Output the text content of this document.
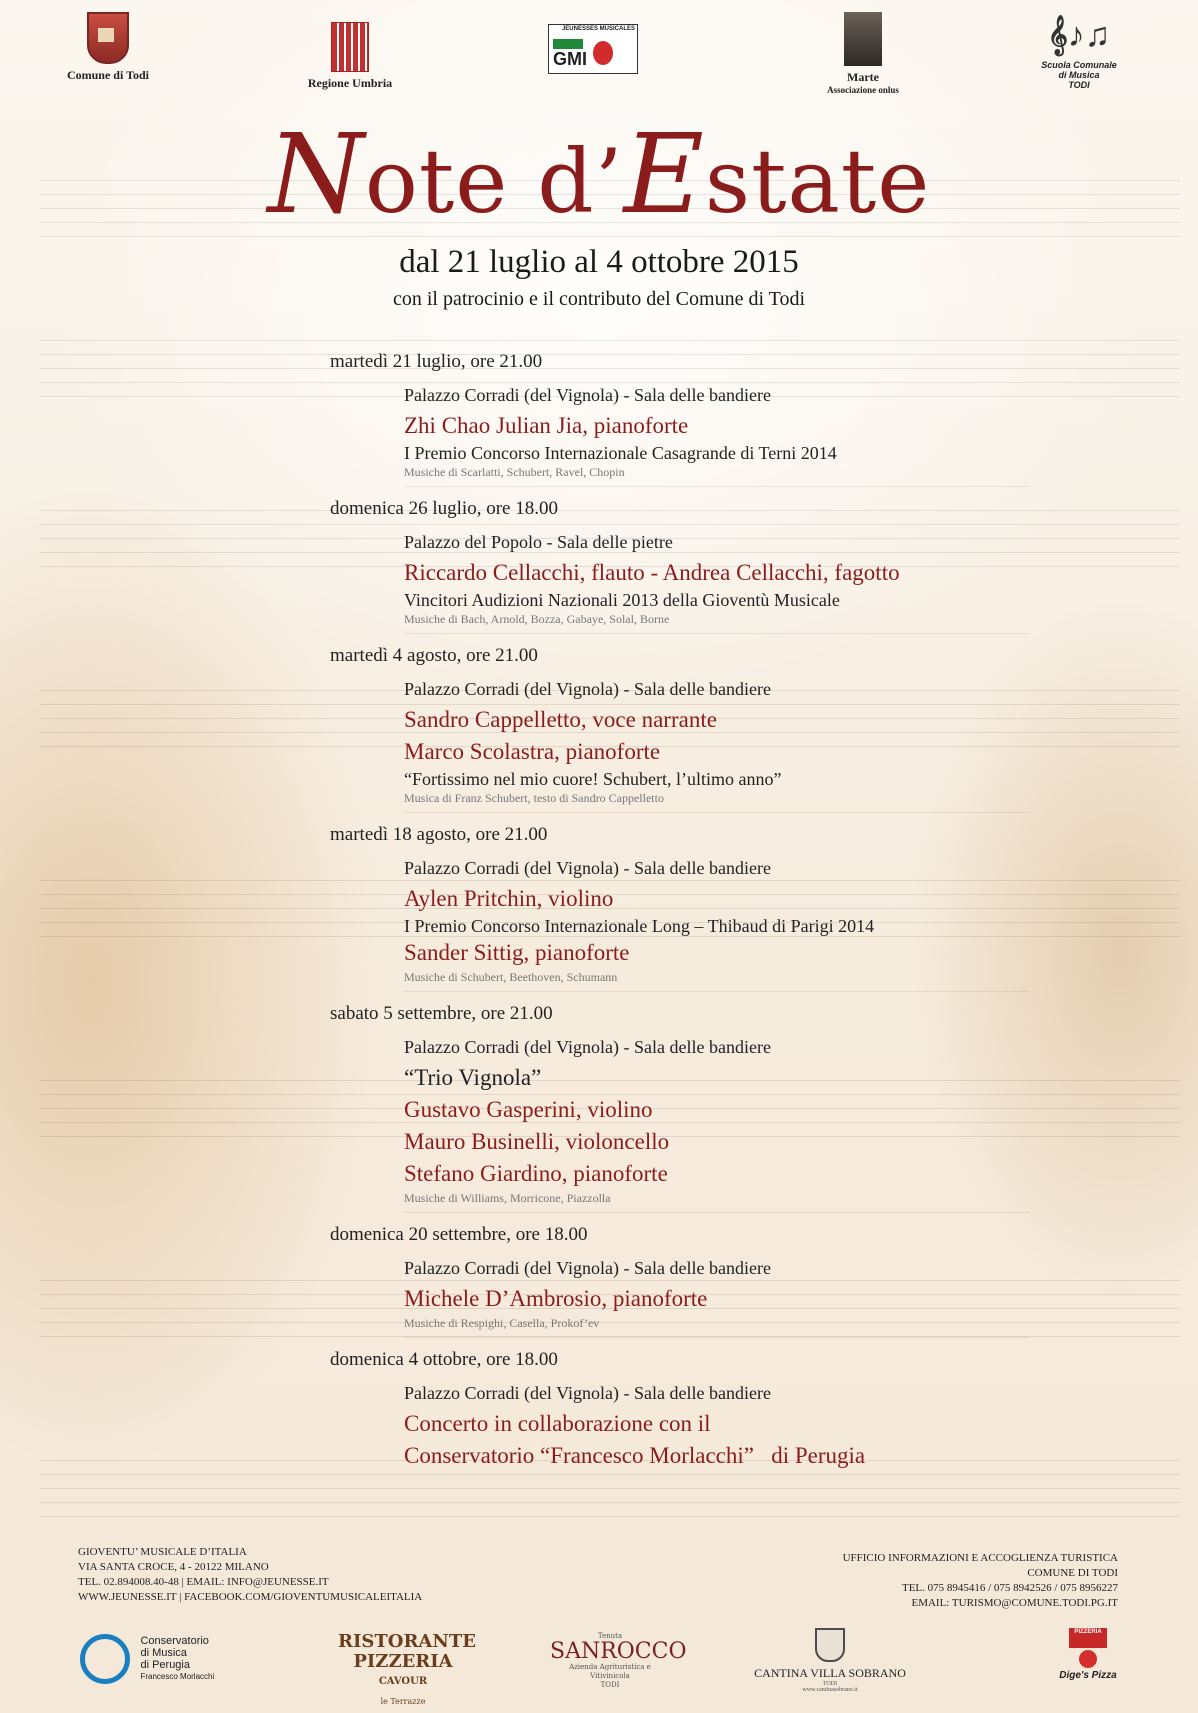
Comune di Todi
Regione Umbria
JEUNESSES MUSICALES
GMI
Marte
Associazione onlus
𝄞♪♫
Scuola Comunale
di Musica
TODI
Note d’Estate
dal 21 luglio al 4 ottobre 2015
con il patrocinio e il contributo del Comune di Todi
martedì 21 luglio, ore 21.00
Palazzo Corradi (del Vignola) - Sala delle bandiere
Zhi Chao Julian Jia, pianoforte
I Premio Concorso Internazionale Casagrande di Terni 2014
Musiche di Scarlatti, Schubert, Ravel, Chopin
domenica 26 luglio, ore 18.00
Palazzo del Popolo - Sala delle pietre
Riccardo Cellacchi, flauto - Andrea Cellacchi, fagotto
Vincitori Audizioni Nazionali 2013 della Gioventù Musicale
Musiche di Bach, Arnold, Bozza, Gabaye, Solal, Borne
martedì 4 agosto, ore 21.00
Palazzo Corradi (del Vignola) - Sala delle bandiere
Sandro Cappelletto, voce narrante
Marco Scolastra, pianoforte
“Fortissimo nel mio cuore! Schubert, l’ultimo anno”
Musica di Franz Schubert, testo di Sandro Cappelletto
martedì 18 agosto, ore 21.00
Palazzo Corradi (del Vignola) - Sala delle bandiere
Aylen Pritchin, violino
I Premio Concorso Internazionale Long – Thibaud di Parigi 2014
Sander Sittig, pianoforte
Musiche di Schubert, Beethoven, Schumann
sabato 5 settembre, ore 21.00
Palazzo Corradi (del Vignola) - Sala delle bandiere
“Trio Vignola”
Gustavo Gasperini, violino
Mauro Businelli, violoncello
Stefano Giardino, pianoforte
Musiche di Williams, Morricone, Piazzolla
domenica 20 settembre, ore 18.00
Palazzo Corradi (del Vignola) - Sala delle bandiere
Michele D’Ambrosio, pianoforte
Musiche di Respighi, Casella, Prokof’ev
domenica 4 ottobre, ore 18.00
Palazzo Corradi (del Vignola) - Sala delle bandiere
Concerto in collaborazione con il
Conservatorio “Francesco Morlacchi” di Perugia
GIOVENTU’ MUSICALE D’ITALIA
VIA SANTA CROCE, 4 - 20122 MILANO
TEL. 02.894008.40-48 | EMAIL: INFO@JEUNESSE.IT
WWW.JEUNESSE.IT | FACEBOOK.COM/GIOVENTUMUSICALEITALIA
UFFICIO INFORMAZIONI E ACCOGLIENZA TURISTICA
COMUNE DI TODI
TEL. 075 8945416 / 075 8942526 / 075 8956227
EMAIL: TURISMO@COMUNE.TODI.PG.IT

Conservatorio
di Musica
di Perugia
Francesco Morlacchi
RISTORANTE
PIZZERIA
CAVOUR
le Terrazze
Tenuta
SANROCCO
Azienda Agrituristica e Vitivinicola
TODI
CANTINA VILLA SOBRANO
TODI
www.cantinasobrano.it
PIZZERIA
Dige's Pizza
